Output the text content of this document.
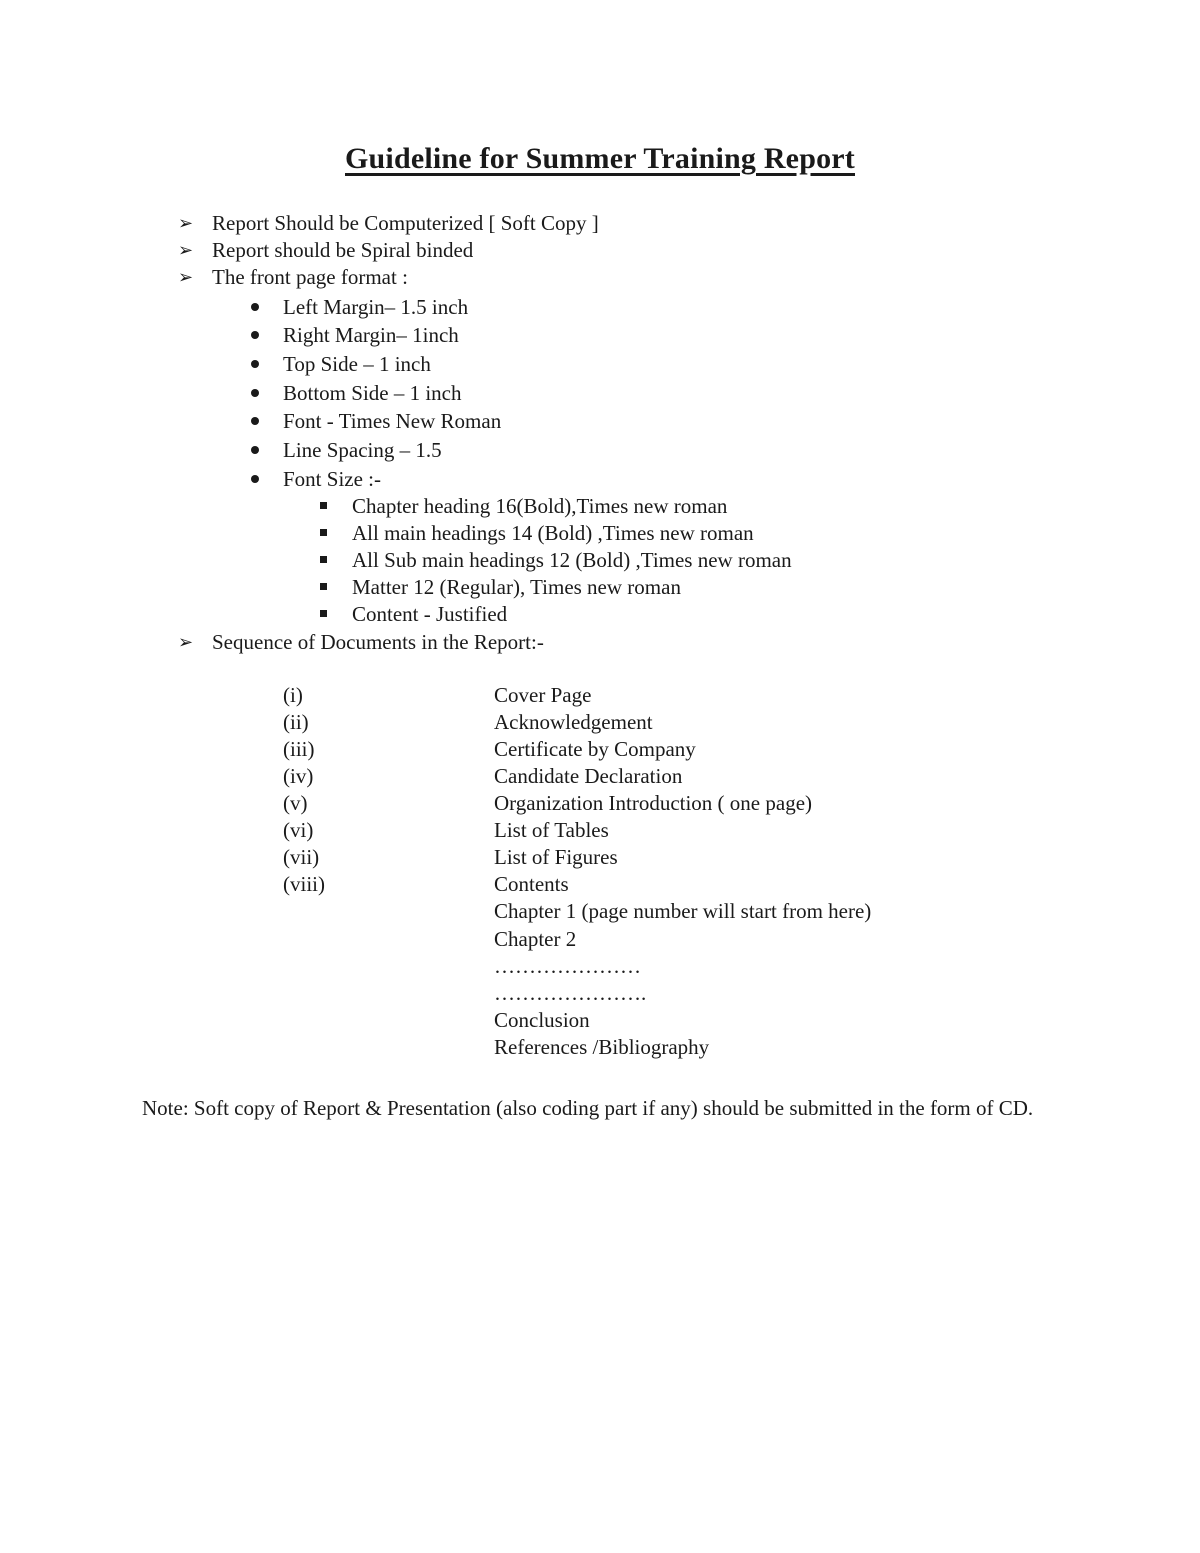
Guideline for Summer Training Report
➢ Report Should be Computerized [ Soft Copy ]
➢ Report should be Spiral binded
➢ The front page format :
Left Margin– 1.5 inch
Right Margin– 1inch
Top Side – 1 inch
Bottom Side – 1 inch
Font - Times New Roman
Line Spacing – 1.5
Font Size :-
Chapter heading 16(Bold),Times new roman
All main headings 14 (Bold) ,Times new roman
All Sub main headings 12 (Bold) ,Times new roman
Matter 12 (Regular), Times new roman
Content - Justified
➢ Sequence of Documents in the Report:-
(i)	Cover Page
(ii)	Acknowledgement
(iii)	Certificate by Company
(iv)	Candidate Declaration
(v)	Organization Introduction ( one page)
(vi)	List of Tables
(vii)	List of Figures
(viii)	Contents
Chapter 1 (page number will start from here)
Chapter 2
…………………
………………….
Conclusion
References /Bibliography
Note: Soft copy of Report & Presentation (also coding part if any) should be submitted in the form of CD.
